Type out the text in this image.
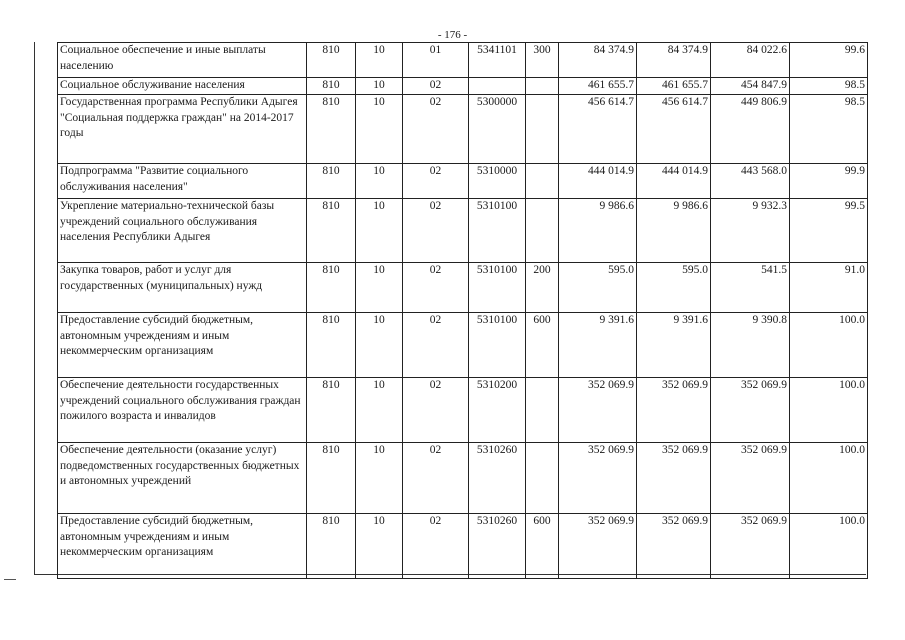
- 176 -
Социальное обеспечение и иные выплаты населению	810	10	01	5341101	300	84 374.9	84 374.9	84 022.6	99.6
Социальное обслуживание населения	810	10	02			461 655.7	461 655.7	454 847.9	98.5
Государственная программа Республики Адыгея "Социальная поддержка граждан" на 2014-2017 годы	810	10	02	5300000		456 614.7	456 614.7	449 806.9	98.5
Подпрограмма "Развитие социального обслуживания населения"	810	10	02	5310000		444 014.9	444 014.9	443 568.0	99.9
Укрепление материально-технической базы учреждений социального обслуживания населения Республики Адыгея	810	10	02	5310100		9 986.6	9 986.6	9 932.3	99.5
Закупка товаров, работ и услуг для государственных (муниципальных) нужд	810	10	02	5310100	200	595.0	595.0	541.5	91.0
Предоставление субсидий бюджетным, автономным учреждениям и иным некоммерческим организациям	810	10	02	5310100	600	9 391.6	9 391.6	9 390.8	100.0
Обеспечение деятельности государственных учреждений социального обслуживания граждан пожилого возраста и инвалидов	810	10	02	5310200		352 069.9	352 069.9	352 069.9	100.0
Обеспечение деятельности (оказание услуг) подведомственных государственных бюджетных и автономных учреждений	810	10	02	5310260		352 069.9	352 069.9	352 069.9	100.0
Предоставление субсидий бюджетным, автономным учреждениям и иным некоммерческим организациям	810	10	02	5310260	600	352 069.9	352 069.9	352 069.9	100.0
